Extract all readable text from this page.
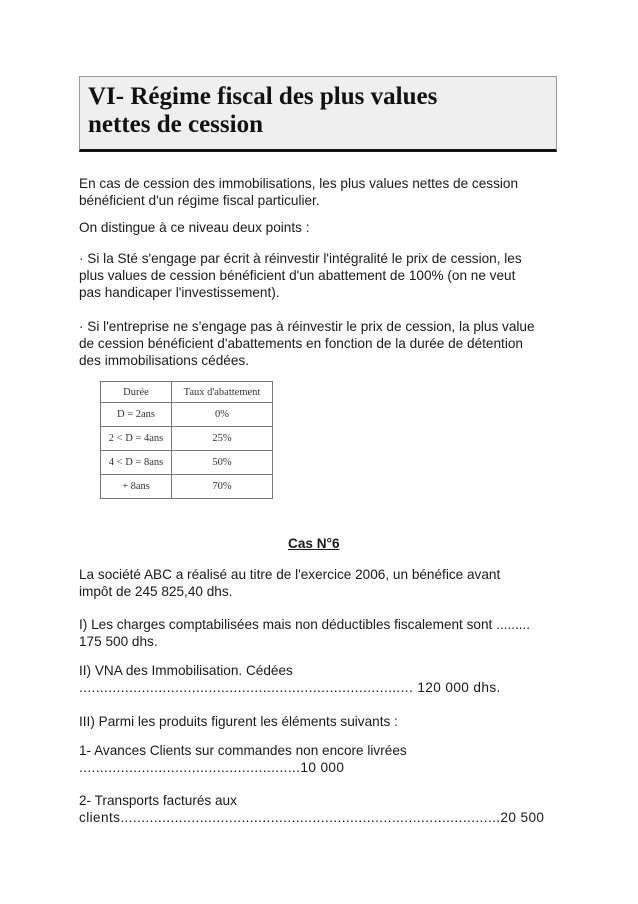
VI- Régime fiscal des plus values

nettes de cession

En cas de cession des immobilisations, les plus values nettes de cession
bénéficient d'un régime fiscal particulier.
On distingue à ce niveau deux points :
· Si la Sté s'engage par écrit à réinvestir l'intégralité le prix de cession, les
plus values de cession bénéficient d'un abattement de 100% (on ne veut
pas handicaper l'investissement).
· Si l'entreprise ne s'engage pas à réinvestir le prix de cession, la plus value
de cession bénéficient d'abattements en fonction de la durée de détention
des immobilisations cédées.
Durée	Taux d'abattement
D = 2ans	0%
2 < D = 4ans	25%
4 < D = 8ans	50%
+ 8ans	70%

Cas N°6

La société ABC a réalisé au titre de l'exercice 2006, un bénéfice avant
impôt de 245 825,40 dhs.
I) Les charges comptabilisées mais non déductibles fiscalement sont .........
175 500 dhs.
II) VNA des Immobilisation. Cédées
................................................................................ 120 000 dhs.
III) Parmi les produits figurent les éléments suivants :
1- Avances Clients sur commandes non encore livrées
.....................................................10 000
2- Transports facturés aux
clients...........................................................................................20 500
